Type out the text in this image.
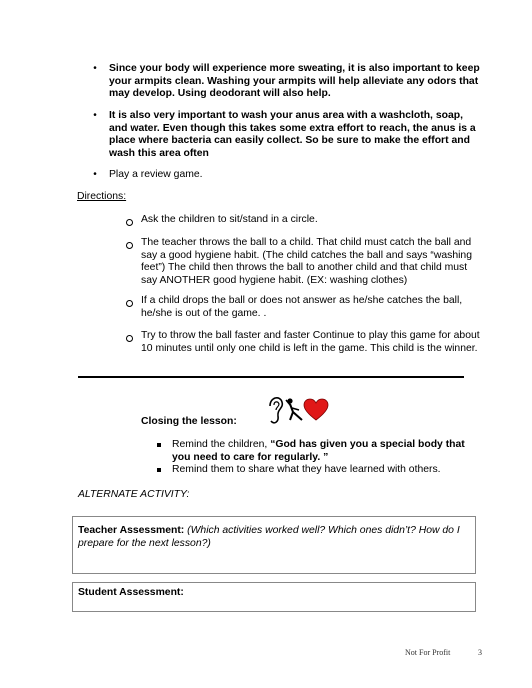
•	Since your body will experience more sweating, it is also important to keep

your armpits clean. Washing your armpits will help alleviate any odors that

may develop. Using deodorant will also help.
•	It is also very important to wash your anus area with a washcloth, soap,
and water. Even though this takes some extra effort to reach, the anus is a
place where bacteria can easily collect. So be sure to make the effort and
wash this area often
•	Play a review game.
Directions:
Ask the children to sit/stand in a circle.
The teacher throws the ball to a child. That child must catch the ball and
say a good hygiene habit. (The child catches the ball and says “washing
feet”) The child then throws the ball to another child and that child must
say ANOTHER good hygiene habit. (EX: washing clothes)
If a child drops the ball or does not answer as he/she catches the ball,
he/she is out of the game. .
Try to throw the ball faster and faster Continue to play this game for about
10 minutes until only one child is left in the game. This child is the winner.
Closing the lesson:
Remind the children, “God has given you a special body that
you need to care for regularly. ”
Remind them to share what they have learned with others.
ALTERNATE ACTIVITY:
Teacher Assessment: (Which activities worked well? Which ones didn’t? How do I
prepare for the next lesson?)
Student Assessment:
Not For Profit	3
